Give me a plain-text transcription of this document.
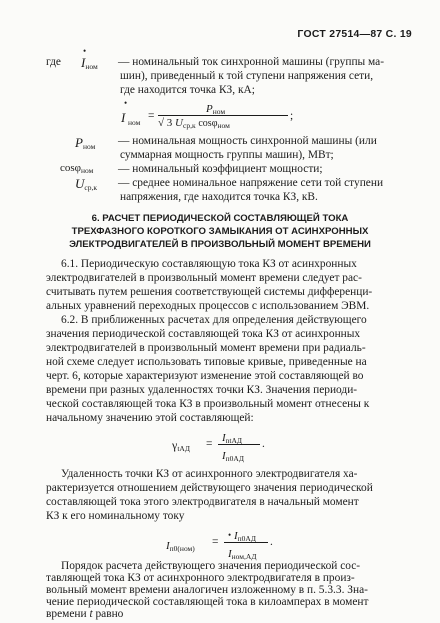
ГОСТ 27514—87 С. 19
где
•
$I_{ном}$ — номинальный ток синхронной машины (группы ма-
шин), приведенный к той ступени напряжения сети,
где находится точка КЗ, кА;
•
I ном
=
$P_{ном}$
√ 3 $U_{ср,к}$ cosφ$_{ном}$
;
$P_{ном}$ — номинальная мощность синхронной машины (или
суммарная мощность группы машин), МВт;
cosφ$_{ном}$ — номинальный коэффициент мощности;
$U_{ср,к}$ — среднее номинальное напряжение сети той ступени
напряжения, где находится точка КЗ, кВ.
6. РАСЧЕТ ПЕРИОДИЧЕСКОЙ СОСТАВЛЯЮЩЕЙ ТОКА
ТРЕХФАЗНОГО КОРОТКОГО ЗАМЫКАНИЯ ОТ АСИНХРОННЫХ
ЭЛЕКТРОДВИГАТЕЛЕЙ В ПРОИЗВОЛЬНЫЙ МОМЕНТ ВРЕМЕНИ
6.1. Периодическую составляющую тока КЗ от асинхронных
электродвигателей в произвольный момент времени следует рас-
считывать путем решения соответствующей системы дифференци-
альных уравнений переходных процессов с использованием ЭВМ.
6.2. В приближенных расчетах для определения действующего
значения периодической составляющей тока КЗ от асинхронных
электродвигателей в произвольный момент времени при радиаль-
ной схеме следует использовать типовые кривые, приведенные на
черт. 6, которые характеризуют изменение этой составляющей во
времени при разных удаленностях точки КЗ. Значения периоди-
ческой составляющей тока КЗ в произвольный момент отнесены к
начальному значению этой составляющей:
$\gamma_{tАД} = I_{ntАД}$
$I_{п0АД}$
.
Удаленность точки КЗ от асинхронного электродвигателя ха-
рактеризуется отношением действующего значения периодической
составляющей тока этого электродвигателя в начальный момент
КЗ к его номинальному току
$I_{п0(ном)}$
=
• $I_{п0АД}$
$I_{ном,АД}$
.
Порядок расчета действующего значения периодической сос-
тавляющей тока КЗ от асинхронного электродвигателя в произ-
вольный момент времени аналогичен изложенному в п. 5.3.3. Зна-
чение периодической составляющей тока в килоамперах в момент
времени t равно
